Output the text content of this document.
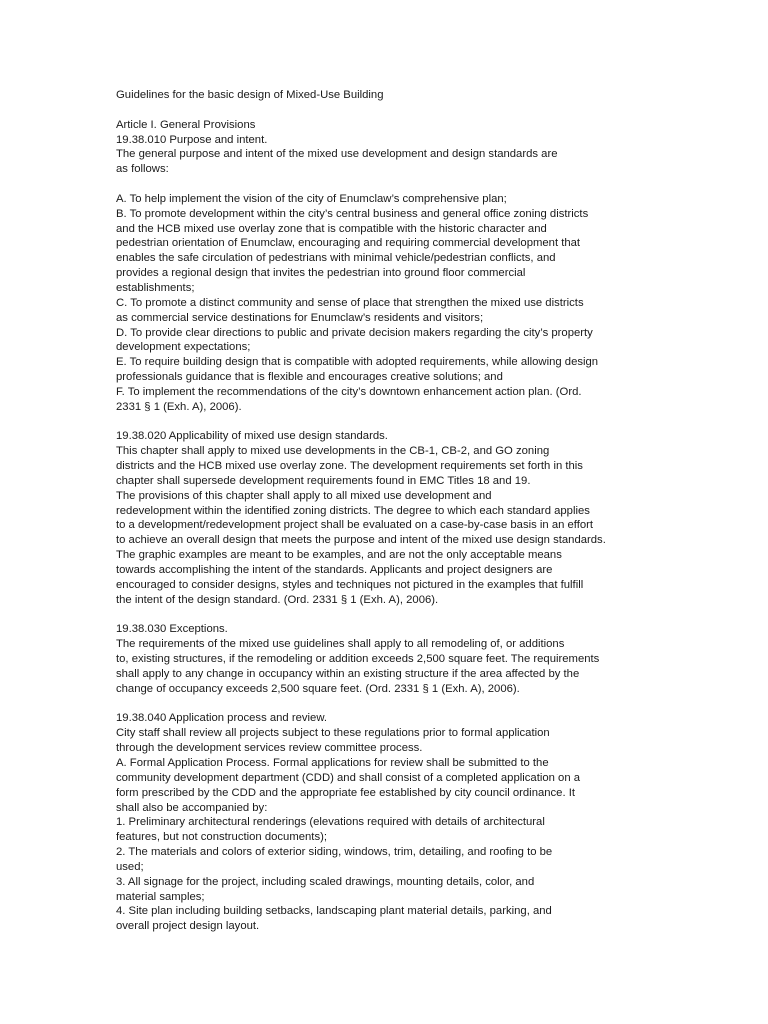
Guidelines for the basic design of Mixed-Use Building
Article I. General Provisions
19.38.010 Purpose and intent.
The general purpose and intent of the mixed use development and design standards are
as follows:
A. To help implement the vision of the city of Enumclaw’s comprehensive plan;
B. To promote development within the city’s central business and general office zoning districts
and the HCB mixed use overlay zone that is compatible with the historic character and
pedestrian orientation of Enumclaw, encouraging and requiring commercial development that
enables the safe circulation of pedestrians with minimal vehicle/pedestrian conflicts, and
provides a regional design that invites the pedestrian into ground floor commercial
establishments;
C. To promote a distinct community and sense of place that strengthen the mixed use districts
as commercial service destinations for Enumclaw’s residents and visitors;
D. To provide clear directions to public and private decision makers regarding the city’s property
development expectations;
E. To require building design that is compatible with adopted requirements, while allowing design
professionals guidance that is flexible and encourages creative solutions; and
F. To implement the recommendations of the city’s downtown enhancement action plan. (Ord.
2331 § 1 (Exh. A), 2006).
19.38.020 Applicability of mixed use design standards.
This chapter shall apply to mixed use developments in the CB-1, CB-2, and GO zoning
districts and the HCB mixed use overlay zone. The development requirements set forth in this
chapter shall supersede development requirements found in EMC Titles 18 and 19.
The provisions of this chapter shall apply to all mixed use development and
redevelopment within the identified zoning districts. The degree to which each standard applies
to a development/redevelopment project shall be evaluated on a case-by-case basis in an effort
to achieve an overall design that meets the purpose and intent of the mixed use design standards.
The graphic examples are meant to be examples, and are not the only acceptable means
towards accomplishing the intent of the standards. Applicants and project designers are
encouraged to consider designs, styles and techniques not pictured in the examples that fulfill
the intent of the design standard. (Ord. 2331 § 1 (Exh. A), 2006).
19.38.030 Exceptions.
The requirements of the mixed use guidelines shall apply to all remodeling of, or additions
to, existing structures, if the remodeling or addition exceeds 2,500 square feet. The requirements
shall apply to any change in occupancy within an existing structure if the area affected by the
change of occupancy exceeds 2,500 square feet. (Ord. 2331 § 1 (Exh. A), 2006).
19.38.040 Application process and review.
City staff shall review all projects subject to these regulations prior to formal application
through the development services review committee process.
A. Formal Application Process. Formal applications for review shall be submitted to the
community development department (CDD) and shall consist of a completed application on a
form prescribed by the CDD and the appropriate fee established by city council ordinance. It
shall also be accompanied by:
1. Preliminary architectural renderings (elevations required with details of architectural
features, but not construction documents);
2. The materials and colors of exterior siding, windows, trim, detailing, and roofing to be
used;
3. All signage for the project, including scaled drawings, mounting details, color, and
material samples;
4. Site plan including building setbacks, landscaping plant material details, parking, and
overall project design layout.
